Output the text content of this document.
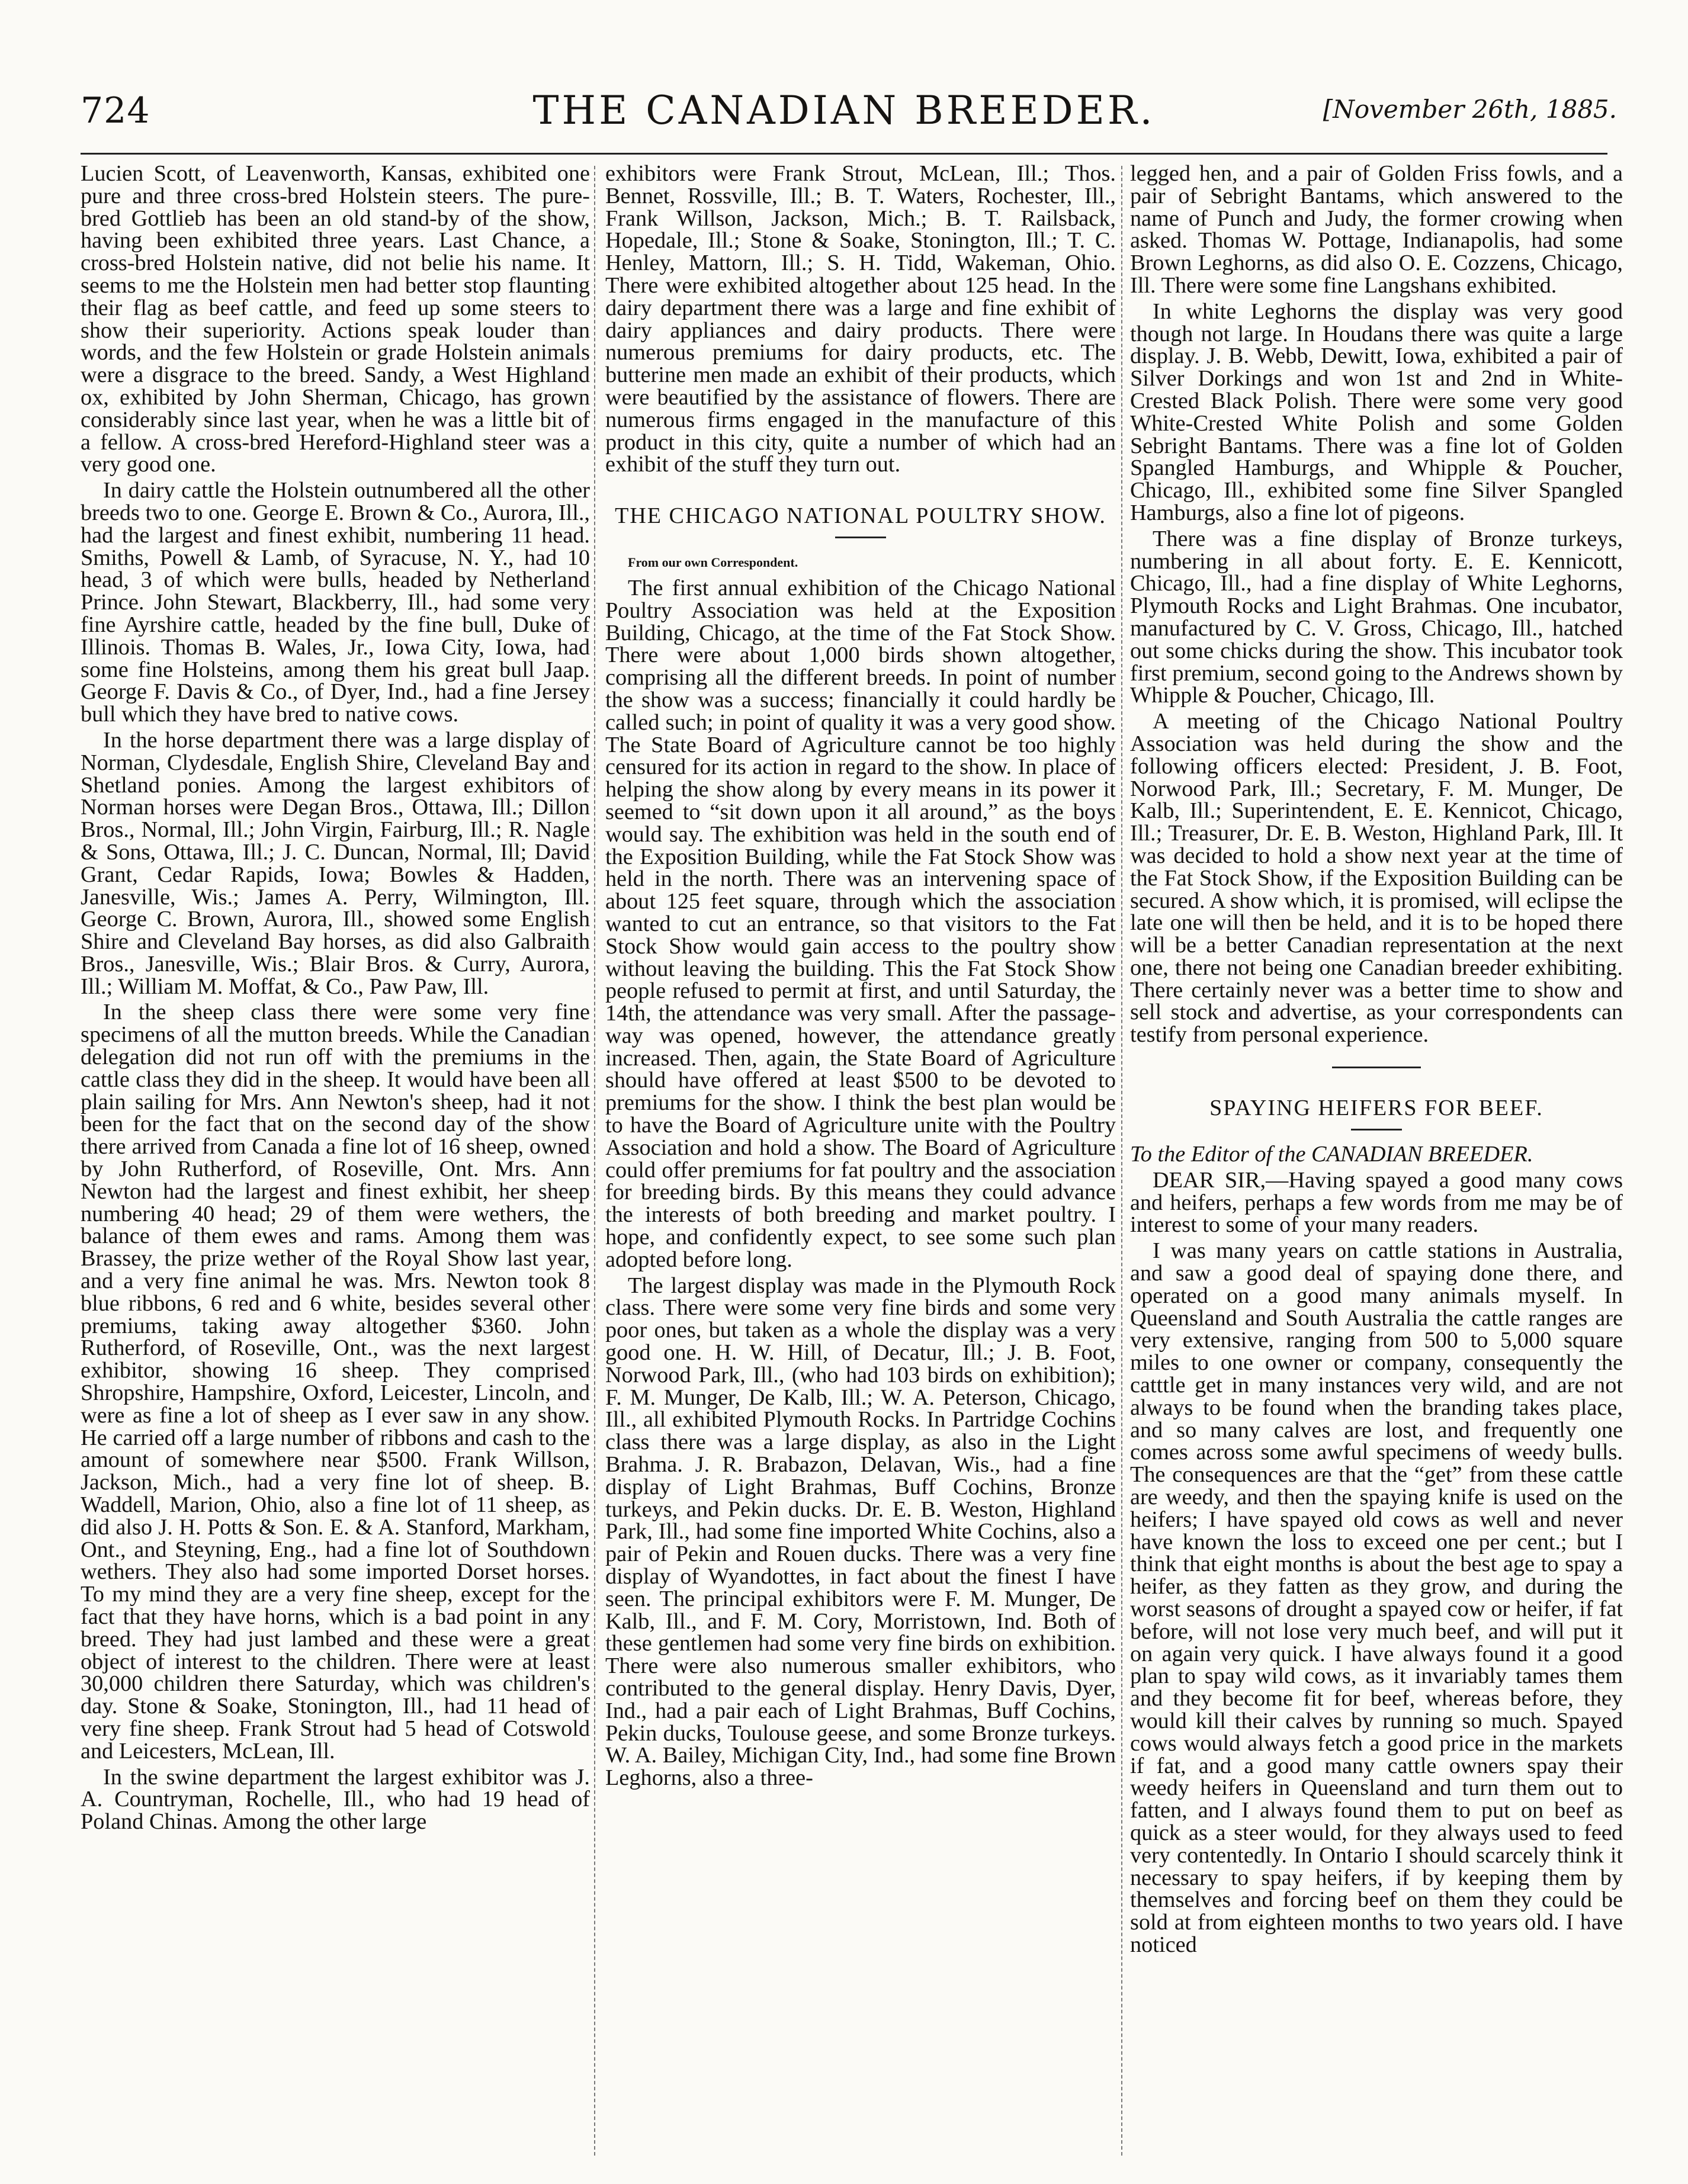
724	THE CANADIAN BREEDER.	[November 26th, 1885.

Lucien Scott, of Leavenworth, Kansas, exhibited one pure and three cross-bred Holstein steers. The pure-bred Gottlieb has been an old stand-by of the show, having been exhibited three years. Last Chance, a cross-bred Holstein native, did not belie his name. It seems to me the Holstein men had better stop flaunting their flag as beef cattle, and feed up some steers to show their superiority. Actions speak louder than words, and the few Holstein or grade Holstein animals were a disgrace to the breed. Sandy, a West Highland ox, exhibited by John Sherman, Chicago, has grown considerably since last year, when he was a little bit of a fellow. A cross-bred Hereford-Highland steer was a very good one.

In dairy cattle the Holstein outnumbered all the other breeds two to one. George E. Brown & Co., Aurora, Ill., had the largest and finest exhibit, numbering 11 head. Smiths, Powell & Lamb, of Syracuse, N. Y., had 10 head, 3 of which were bulls, headed by Netherland Prince. John Stewart, Blackberry, Ill., had some very fine Ayrshire cattle, headed by the fine bull, Duke of Illinois. Thomas B. Wales, Jr., Iowa City, Iowa, had some fine Holsteins, among them his great bull Jaap. George F. Davis & Co., of Dyer, Ind., had a fine Jersey bull which they have bred to native cows.

In the horse department there was a large display of Norman, Clydesdale, English Shire, Cleveland Bay and Shetland ponies. Among the largest exhibitors of Norman horses were Degan Bros., Ottawa, Ill.; Dillon Bros., Normal, Ill.; John Virgin, Fairburg, Ill.; R. Nagle & Sons, Ottawa, Ill.; J. C. Duncan, Normal, Ill; David Grant, Cedar Rapids, Iowa; Bowles & Hadden, Janesville, Wis.; James A. Perry, Wilmington, Ill. George C. Brown, Aurora, Ill., showed some English Shire and Cleveland Bay horses, as did also Galbraith Bros., Janesville, Wis.; Blair Bros. & Curry, Aurora, Ill.; William M. Moffat, & Co., Paw Paw, Ill.

In the sheep class there were some very fine specimens of all the mutton breeds. While the Canadian delegation did not run off with the premiums in the cattle class they did in the sheep. It would have been all plain sailing for Mrs. Ann Newton's sheep, had it not been for the fact that on the second day of the show there arrived from Canada a fine lot of 16 sheep, owned by John Rutherford, of Roseville, Ont. Mrs. Ann Newton had the largest and finest exhibit, her sheep numbering 40 head; 29 of them were wethers, the balance of them ewes and rams. Among them was Brassey, the prize wether of the Royal Show last year, and a very fine animal he was. Mrs. Newton took 8 blue ribbons, 6 red and 6 white, besides several other premiums, taking away altogether $360. John Rutherford, of Roseville, Ont., was the next largest exhibitor, showing 16 sheep. They comprised Shropshire, Hampshire, Oxford, Leicester, Lincoln, and were as fine a lot of sheep as I ever saw in any show. He carried off a large number of ribbons and cash to the amount of somewhere near $500. Frank Willson, Jackson, Mich., had a very fine lot of sheep. B. Waddell, Marion, Ohio, also a fine lot of 11 sheep, as did also J. H. Potts & Son. E. & A. Stanford, Markham, Ont., and Steyning, Eng., had a fine lot of Southdown wethers. They also had some imported Dorset horses. To my mind they are a very fine sheep, except for the fact that they have horns, which is a bad point in any breed. They had just lambed and these were a great object of interest to the children. There were at least 30,000 children there Saturday, which was children's day. Stone & Soake, Stonington, Ill., had 11 head of very fine sheep. Frank Strout had 5 head of Cotswold and Leicesters, McLean, Ill.

In the swine department the largest exhibitor was J. A. Countryman, Rochelle, Ill., who had 19 head of Poland Chinas. Among the other large

exhibitors were Frank Strout, McLean, Ill.; Thos. Bennet, Rossville, Ill.; B. T. Waters, Rochester, Ill., Frank Willson, Jackson, Mich.; B. T. Railsback, Hopedale, Ill.; Stone & Soake, Stonington, Ill.; T. C. Henley, Mattorn, Ill.; S. H. Tidd, Wakeman, Ohio. There were exhibited altogether about 125 head. In the dairy department there was a large and fine exhibit of dairy appliances and dairy products. There were numerous premiums for dairy products, etc. The butterine men made an exhibit of their products, which were beautified by the assistance of flowers. There are numerous firms engaged in the manufacture of this product in this city, quite a number of which had an exhibit of the stuff they turn out.

THE CHICAGO NATIONAL POULTRY SHOW.

From our own Correspondent.

The first annual exhibition of the Chicago National Poultry Association was held at the Exposition Building, Chicago, at the time of the Fat Stock Show. There were about 1,000 birds shown altogether, comprising all the different breeds. In point of number the show was a success; financially it could hardly be called such; in point of quality it was a very good show. The State Board of Agriculture cannot be too highly censured for its action in regard to the show. In place of helping the show along by every means in its power it seemed to “sit down upon it all around,” as the boys would say. The exhibition was held in the south end of the Exposition Building, while the Fat Stock Show was held in the north. There was an intervening space of about 125 feet square, through which the association wanted to cut an entrance, so that visitors to the Fat Stock Show would gain access to the poultry show without leaving the building. This the Fat Stock Show people refused to permit at first, and until Saturday, the 14th, the attendance was very small. After the passage-way was opened, however, the attendance greatly increased. Then, again, the State Board of Agriculture should have offered at least $500 to be devoted to premiums for the show. I think the best plan would be to have the Board of Agriculture unite with the Poultry Association and hold a show. The Board of Agriculture could offer premiums for fat poultry and the association for breeding birds. By this means they could advance the interests of both breeding and market poultry. I hope, and confidently expect, to see some such plan adopted before long.

The largest display was made in the Plymouth Rock class. There were some very fine birds and some very poor ones, but taken as a whole the display was a very good one. H. W. Hill, of Decatur, Ill.; J. B. Foot, Norwood Park, Ill., (who had 103 birds on exhibition); F. M. Munger, De Kalb, Ill.; W. A. Peterson, Chicago, Ill., all exhibited Plymouth Rocks. In Partridge Cochins class there was a large display, as also in the Light Brahma. J. R. Brabazon, Delavan, Wis., had a fine display of Light Brahmas, Buff Cochins, Bronze turkeys, and Pekin ducks. Dr. E. B. Weston, Highland Park, Ill., had some fine imported White Cochins, also a pair of Pekin and Rouen ducks. There was a very fine display of Wyandottes, in fact about the finest I have seen. The principal exhibitors were F. M. Munger, De Kalb, Ill., and F. M. Cory, Morristown, Ind. Both of these gentlemen had some very fine birds on exhibition. There were also numerous smaller exhibitors, who contributed to the general display. Henry Davis, Dyer, Ind., had a pair each of Light Brahmas, Buff Cochins, Pekin ducks, Toulouse geese, and some Bronze turkeys. W. A. Bailey, Michigan City, Ind., had some fine Brown Leghorns, also a three-

legged hen, and a pair of Golden Friss fowls, and a pair of Sebright Bantams, which answered to the name of Punch and Judy, the former crowing when asked. Thomas W. Pottage, Indianapolis, had some Brown Leghorns, as did also O. E. Cozzens, Chicago, Ill. There were some fine Langshans exhibited.

In white Leghorns the display was very good though not large. In Houdans there was quite a large display. J. B. Webb, Dewitt, Iowa, exhibited a pair of Silver Dorkings and won 1st and 2nd in White-Crested Black Polish. There were some very good White-Crested White Polish and some Golden Sebright Bantams. There was a fine lot of Golden Spangled Hamburgs, and Whipple & Poucher, Chicago, Ill., exhibited some fine Silver Spangled Hamburgs, also a fine lot of pigeons.

There was a fine display of Bronze turkeys, numbering in all about forty. E. E. Kennicott, Chicago, Ill., had a fine display of White Leghorns, Plymouth Rocks and Light Brahmas. One incubator, manufactured by C. V. Gross, Chicago, Ill., hatched out some chicks during the show. This incubator took first premium, second going to the Andrews shown by Whipple & Poucher, Chicago, Ill.

A meeting of the Chicago National Poultry Association was held during the show and the following officers elected: President, J. B. Foot, Norwood Park, Ill.; Secretary, F. M. Munger, De Kalb, Ill.; Superintendent, E. E. Kennicot, Chicago, Ill.; Treasurer, Dr. E. B. Weston, Highland Park, Ill. It was decided to hold a show next year at the time of the Fat Stock Show, if the Exposition Building can be secured. A show which, it is promised, will eclipse the late one will then be held, and it is to be hoped there will be a better Canadian representation at the next one, there not being one Canadian breeder exhibiting. There certainly never was a better time to show and sell stock and advertise, as your correspondents can testify from personal experience.

SPAYING HEIFERS FOR BEEF.

To the Editor of the CANADIAN BREEDER.

DEAR SIR,—Having spayed a good many cows and heifers, perhaps a few words from me may be of interest to some of your many readers.

I was many years on cattle stations in Australia, and saw a good deal of spaying done there, and operated on a good many animals myself. In Queensland and South Australia the cattle ranges are very extensive, ranging from 500 to 5,000 square miles to one owner or company, consequently the catttle get in many instances very wild, and are not always to be found when the branding takes place, and so many calves are lost, and frequently one comes across some awful specimens of weedy bulls. The consequences are that the “get” from these cattle are weedy, and then the spaying knife is used on the heifers; I have spayed old cows as well and never have known the loss to exceed one per cent.; but I think that eight months is about the best age to spay a heifer, as they fatten as they grow, and during the worst seasons of drought a spayed cow or heifer, if fat before, will not lose very much beef, and will put it on again very quick. I have always found it a good plan to spay wild cows, as it invariably tames them and they become fit for beef, whereas before, they would kill their calves by running so much. Spayed cows would always fetch a good price in the markets if fat, and a good many cattle owners spay their weedy heifers in Queensland and turn them out to fatten, and I always found them to put on beef as quick as a steer would, for they always used to feed very contentedly. In Ontario I should scarcely think it necessary to spay heifers, if by keeping them by themselves and forcing beef on them they could be sold at from eighteen months to two years old. I have noticed
